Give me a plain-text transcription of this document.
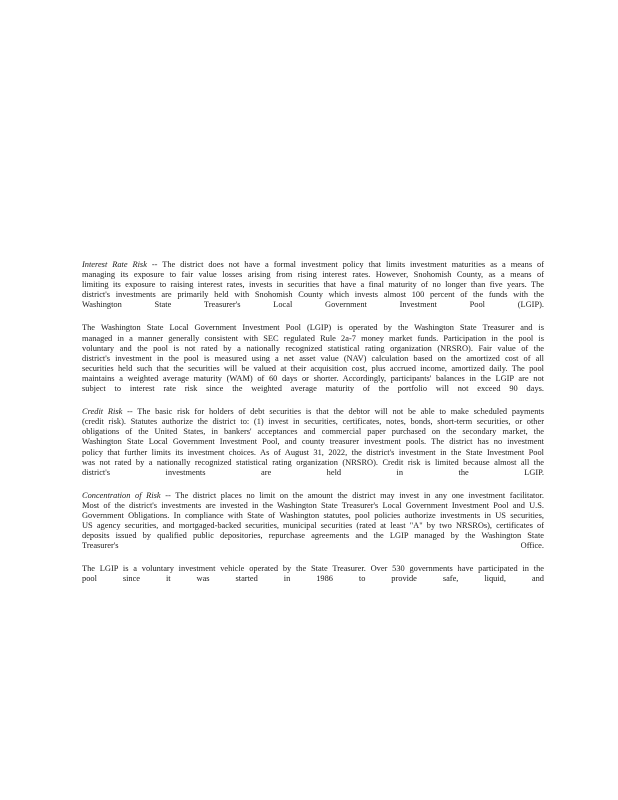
Interest Rate Risk -- The district does not have a formal investment policy that limits investment maturities as a means of managing its exposure to fair value losses arising from rising interest rates. However, Snohomish County, as a means of limiting its exposure to raising interest rates, invests in securities that have a final maturity of no longer than five years. The district's investments are primarily held with Snohomish County which invests almost 100 percent of the funds with the Washington State Treasurer's Local Government Investment Pool (LGIP).

The Washington State Local Government Investment Pool (LGIP) is operated by the Washington State Treasurer and is managed in a manner generally consistent with SEC regulated Rule 2a-7 money market funds. Participation in the pool is voluntary and the pool is not rated by a nationally recognized statistical rating organization (NRSRO). Fair value of the district's investment in the pool is measured using a net asset value (NAV) calculation based on the amortized cost of all securities held such that the securities will be valued at their acquisition cost, plus accrued income, amortized daily. The pool maintains a weighted average maturity (WAM) of 60 days or shorter. Accordingly, participants' balances in the LGIP are not subject to interest rate risk since the weighted average maturity of the portfolio will not exceed 90 days.

Credit Risk -- The basic risk for holders of debt securities is that the debtor will not be able to make scheduled payments (credit risk). Statutes authorize the district to: (1) invest in securities, certificates, notes, bonds, short-term securities, or other obligations of the United States, in bankers' acceptances and commercial paper purchased on the secondary market, the Washington State Local Government Investment Pool, and county treasurer investment pools. The district has no investment policy that further limits its investment choices. As of August 31, 2022, the district's investment in the State Investment Pool was not rated by a nationally recognized statistical rating organization (NRSRO). Credit risk is limited because almost all the district's investments are held in the LGIP.

Concentration of Risk -- The district places no limit on the amount the district may invest in any one investment facilitator. Most of the district's investments are invested in the Washington State Treasurer's Local Government Investment Pool and U.S. Government Obligations. In compliance with State of Washington statutes, pool policies authorize investments in US securities, US agency securities, and mortgaged-backed securities, municipal securities (rated at least "A" by two NRSROs), certificates of deposits issued by qualified public depositories, repurchase agreements and the LGIP managed by the Washington State Treasurer's Office.

The LGIP is a voluntary investment vehicle operated by the State Treasurer. Over 530 governments have participated in the pool since it was started in 1986 to provide safe, liquid, and
